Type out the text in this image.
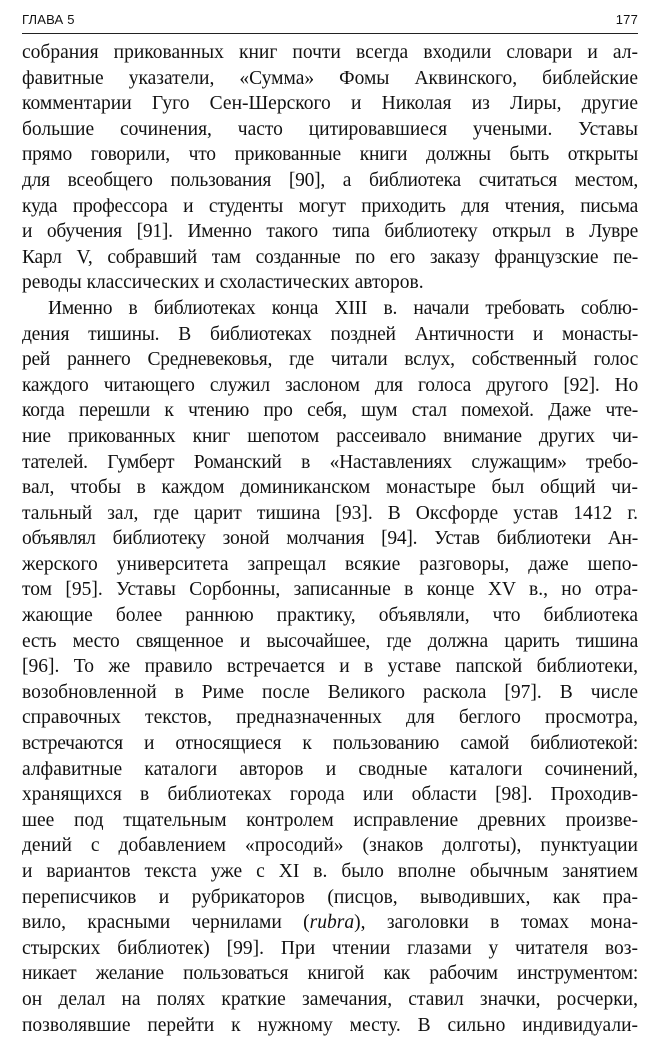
ГЛАВА 5	177
собрания прикованных книг почти всегда входили словари и ал-
фавитные указатели, «Сумма» Фомы Аквинского, библейские
комментарии Гуго Сен-Шерского и Николая из Лиры, другие
большие сочинения, часто цитировавшиеся учеными. Уставы
прямо говорили, что прикованные книги должны быть открыты
для всеобщего пользования [90], а библиотека считаться местом,
куда профессора и студенты могут приходить для чтения, письма
и обучения [91]. Именно такого типа библиотеку открыл в Лувре
Карл V, собравший там созданные по его заказу французские пе-
реводы классических и схоластических авторов.
Именно в библиотеках конца XIII в. начали требовать соблю-
дения тишины. В библиотеках поздней Античности и монасты-
рей раннего Средневековья, где читали вслух, собственный голос
каждого читающего служил заслоном для голоса другого [92]. Но
когда перешли к чтению про себя, шум стал помехой. Даже чте-
ние прикованных книг шепотом рассеивало внимание других чи-
тателей. Гумберт Романский в «Наставлениях служащим» требо-
вал, чтобы в каждом доминиканском монастыре был общий чи-
тальный зал, где царит тишина [93]. В Оксфорде устав 1412 г.
объявлял библиотеку зоной молчания [94]. Устав библиотеки Ан-
жерского университета запрещал всякие разговоры, даже шепо-
том [95]. Уставы Сорбонны, записанные в конце XV в., но отра-
жающие более раннюю практику, объявляли, что библиотека
есть место священное и высочайшее, где должна царить тишина
[96]. То же правило встречается и в уставе папской библиотеки,
возобновленной в Риме после Великого раскола [97]. В числе
справочных текстов, предназначенных для беглого просмотра,
встречаются и относящиеся к пользованию самой библиотекой:
алфавитные каталоги авторов и сводные каталоги сочинений,
хранящихся в библиотеках города или области [98]. Проходив-
шее под тщательным контролем исправление древних произве-
дений с добавлением «просодий» (знаков долготы), пунктуации
и вариантов текста уже с XI в. было вполне обычным занятием
переписчиков и рубрикаторов (писцов, выводивших, как пра-
вило, красными чернилами (rubra), заголовки в томах мона-
стырских библиотек) [99]. При чтении глазами у читателя воз-
никает желание пользоваться книгой как рабочим инструментом:
он делал на полях краткие замечания, ставил значки, росчерки,
позволявшие перейти к нужному месту. В сильно индивидуали-
